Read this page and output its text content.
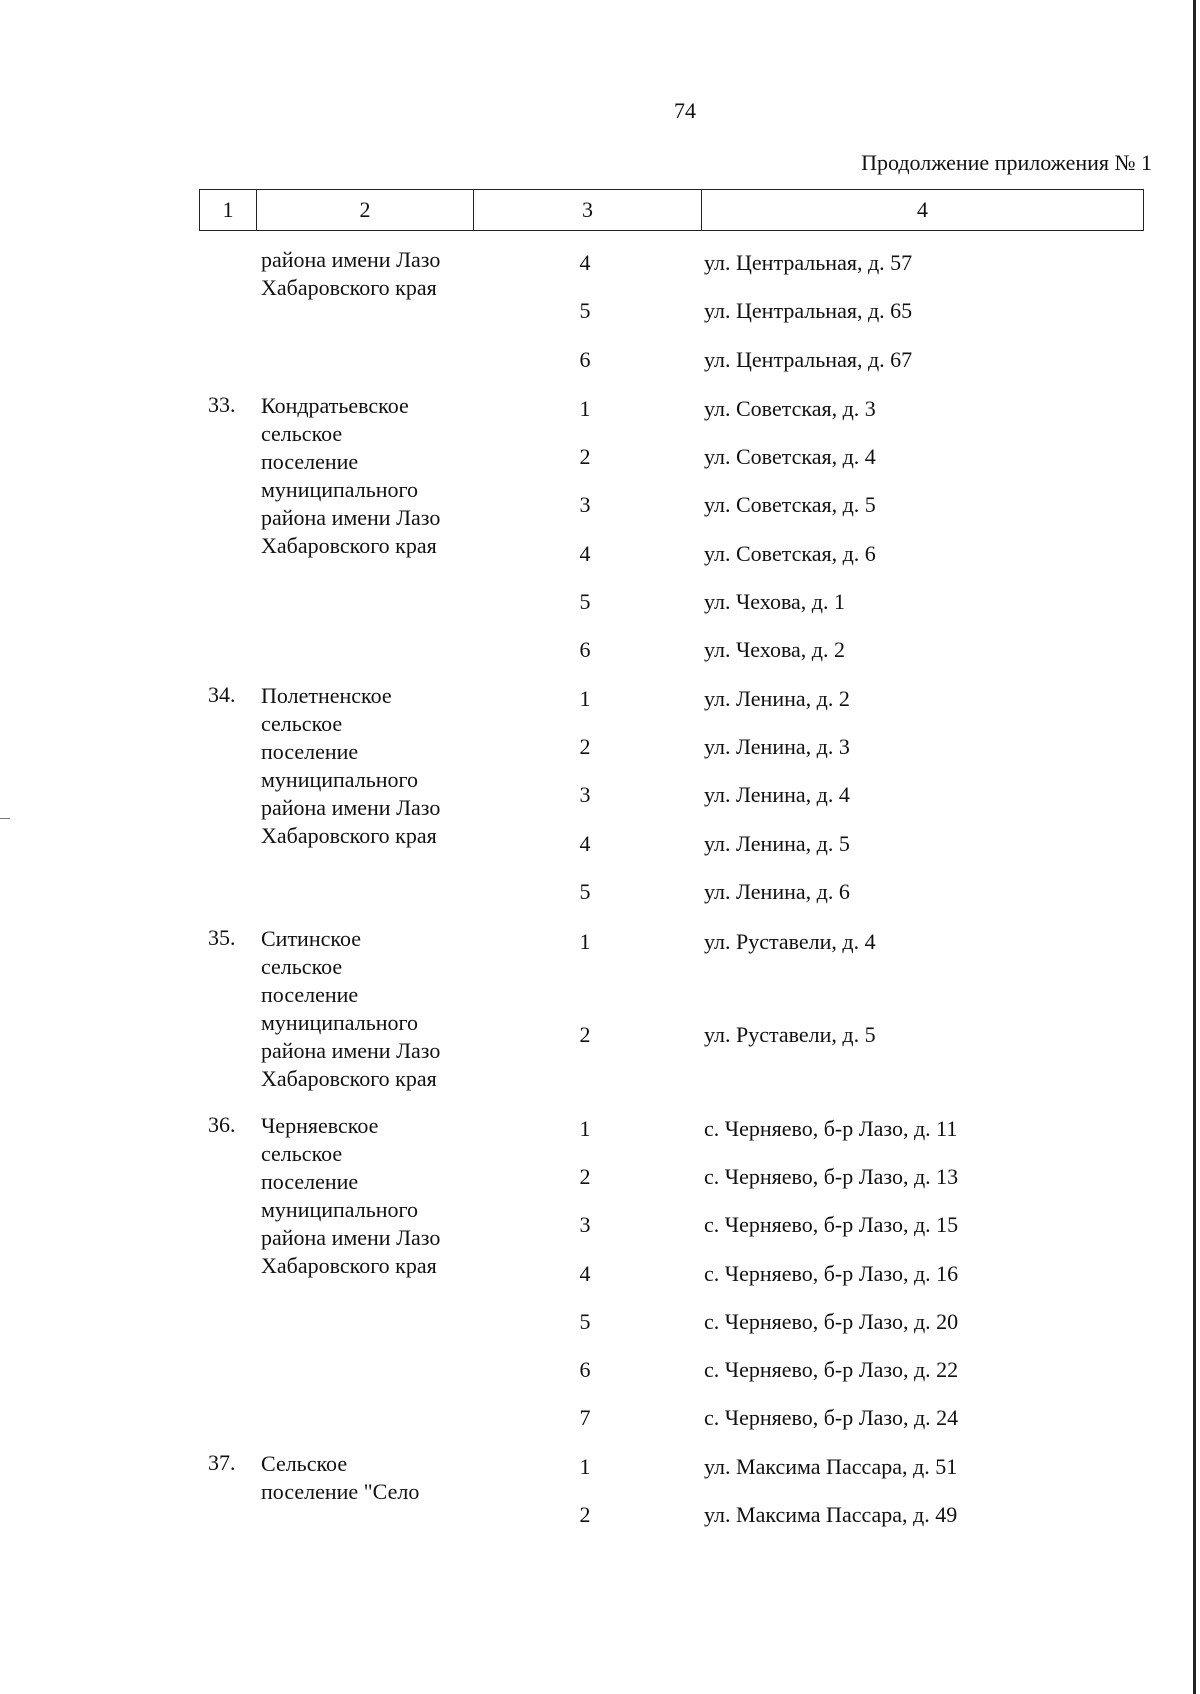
74
Продолжение приложения № 1
1	2	3	4
района имени Лазо
Хабаровского края
4	ул. Центральная, д. 57
5	ул. Центральная, д. 65
6	ул. Центральная, д. 67
33. Кондратьевское
сельское
поселение
муниципального
района имени Лазо
Хабаровского края
1	ул. Советская, д. 3
2	ул. Советская, д. 4
3	ул. Советская, д. 5
4	ул. Советская, д. 6
5	ул. Чехова, д. 1
6	ул. Чехова, д. 2
34. Полетненское
сельское
поселение
муниципального
района имени Лазо
Хабаровского края
1	ул. Ленина, д. 2
2	ул. Ленина, д. 3
3	ул. Ленина, д. 4
4	ул. Ленина, д. 5
5	ул. Ленина, д. 6
35. Ситинское
сельское
поселение
муниципального
района имени Лазо
Хабаровского края
1	ул. Руставели, д. 4
2	ул. Руставели, д. 5
36. Черняевское
сельское
поселение
муниципального
района имени Лазо
Хабаровского края
1	с. Черняево, б-р Лазо, д. 11
2	с. Черняево, б-р Лазо, д. 13
3	с. Черняево, б-р Лазо, д. 15
4	с. Черняево, б-р Лазо, д. 16
5	с. Черняево, б-р Лазо, д. 20
6	с. Черняево, б-р Лазо, д. 22
7	с. Черняево, б-р Лазо, д. 24
37. Сельское
поселение "Село
1	ул. Максима Пассара, д. 51
2	ул. Максима Пассара, д. 49
